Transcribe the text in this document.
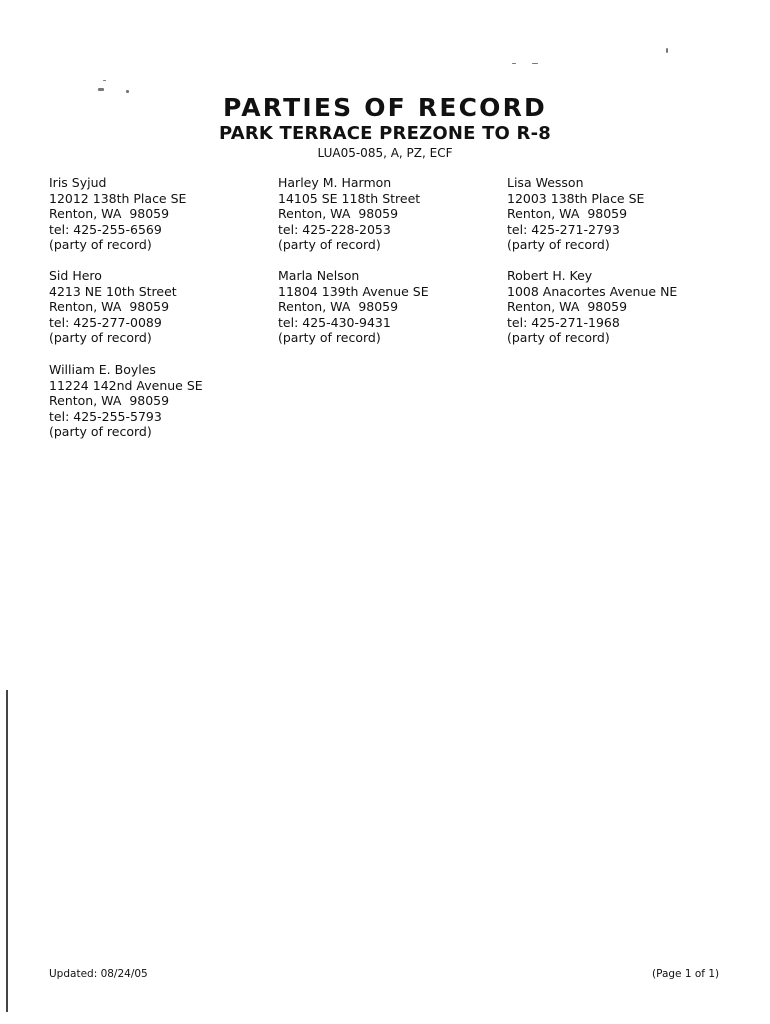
PARTIES OF RECORD
PARK TERRACE PREZONE TO R-8
LUA05-085, A, PZ, ECF
Iris Syjud
12012 138th Place SE
Renton, WA  98059
tel: 425-255-6569
(party of record)
Harley M. Harmon
14105 SE 118th Street
Renton, WA  98059
tel: 425-228-2053
(party of record)
Lisa Wesson
12003 138th Place SE
Renton, WA  98059
tel: 425-271-2793
(party of record)
Sid Hero
4213 NE 10th Street
Renton, WA  98059
tel: 425-277-0089
(party of record)
Marla Nelson
11804 139th Avenue SE
Renton, WA  98059
tel: 425-430-9431
(party of record)
Robert H. Key
1008 Anacortes Avenue NE
Renton, WA  98059
tel: 425-271-1968
(party of record)
William E. Boyles
11224 142nd Avenue SE
Renton, WA  98059
tel: 425-255-5793
(party of record)
Updated: 08/24/05	(Page 1 of 1)
